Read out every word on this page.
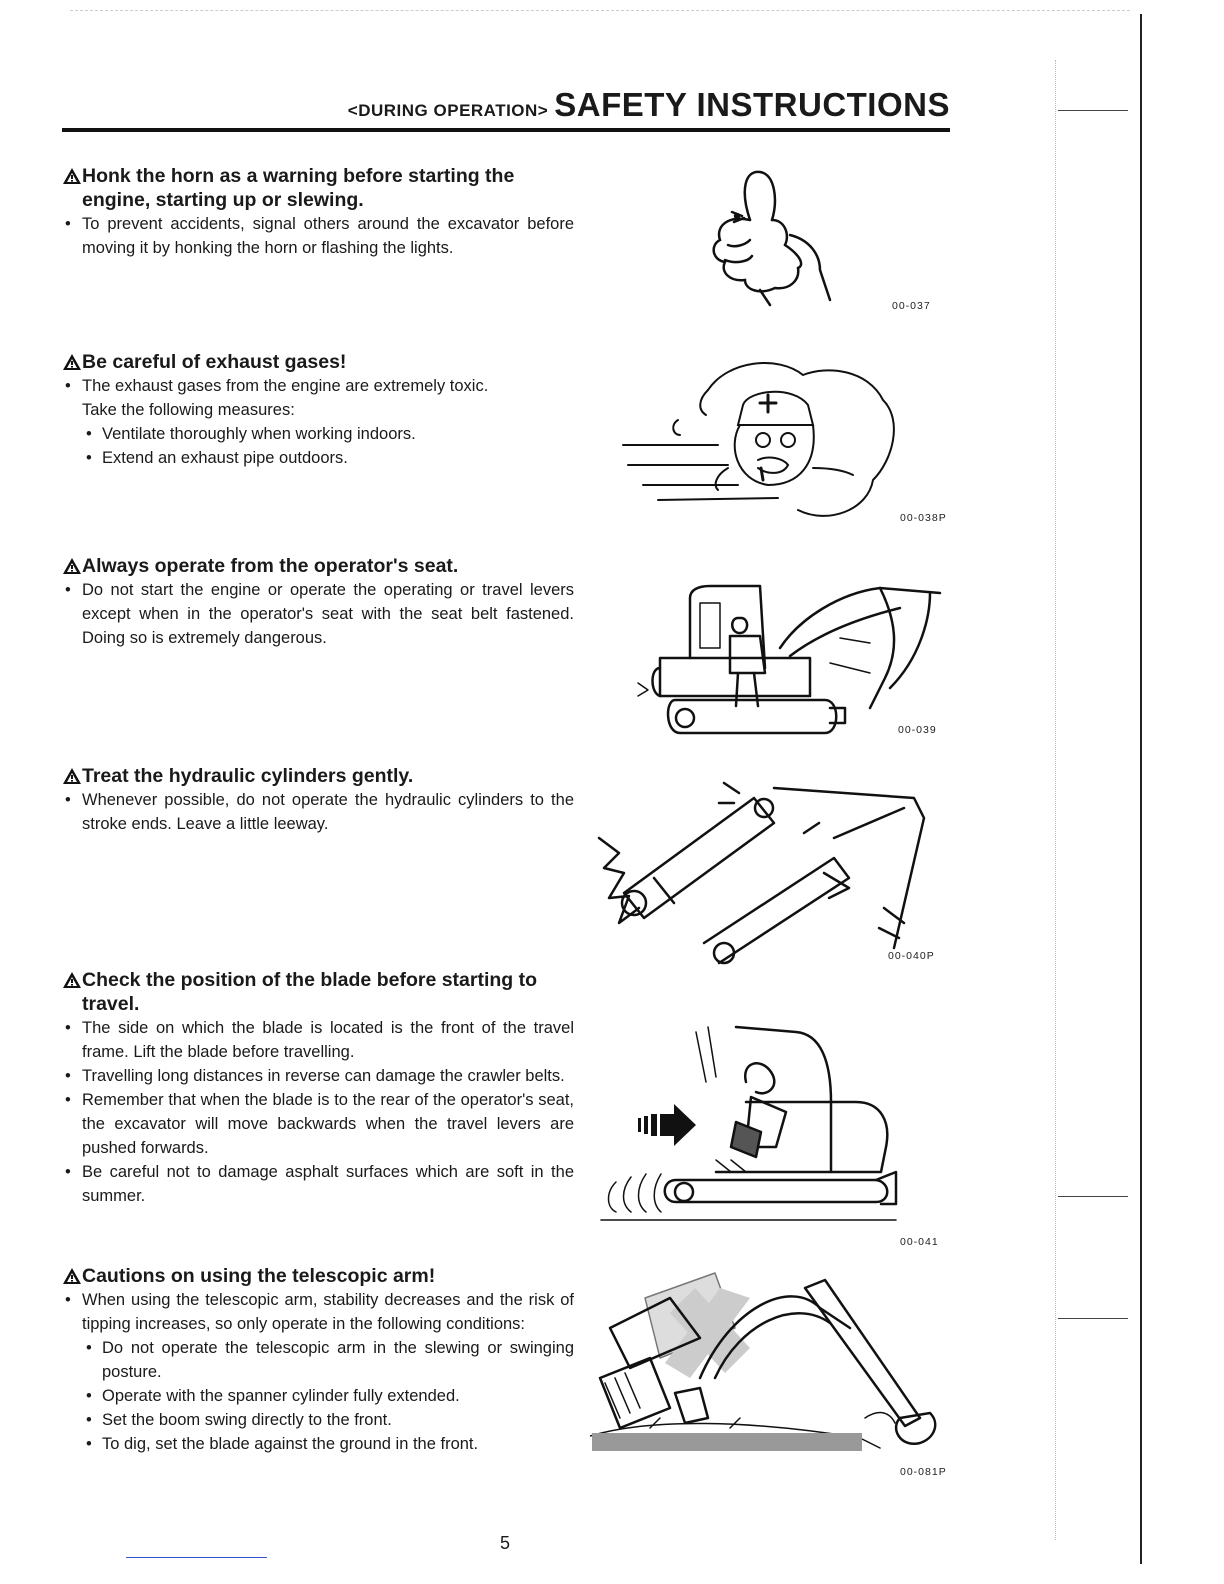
<DURING OPERATION> SAFETY INSTRUCTIONS

Honk the horn as a warning before starting the engine, starting up or slewing.

• To prevent accidents, signal others around the excavator before moving it by honking the horn or flashing the lights.

00-037

Be careful of exhaust gases!

• The exhaust gases from the engine are extremely toxic.

Take the following measures:

• Ventilate thoroughly when working indoors.

• Extend an exhaust pipe outdoors.

00-038P

Always operate from the operator's seat.

• Do not start the engine or operate the operating or travel levers except when in the operator's seat with the seat belt fastened. Doing so is extremely dangerous.

00-039

Treat the hydraulic cylinders gently.

• Whenever possible, do not operate the hydraulic cylinders to the stroke ends. Leave a little leeway.

00-040P

Check the position of the blade before starting to travel.

• The side on which the blade is located is the front of the travel frame. Lift the blade before travelling.

• Travelling long distances in reverse can damage the crawler belts.

• Remember that when the blade is to the rear of the operator's seat, the excavator will move backwards when the travel levers are pushed forwards.

• Be careful not to damage asphalt surfaces which are soft in the summer.

00-041

Cautions on using the telescopic arm!

• When using the telescopic arm, stability decreases and the risk of tipping increases, so only operate in the following conditions:

• Do not operate the telescopic arm in the slewing or swinging posture.

• Operate with the spanner cylinder fully extended.

• Set the boom swing directly to the front.

• To dig, set the blade against the ground in the front.

00-081P
5
